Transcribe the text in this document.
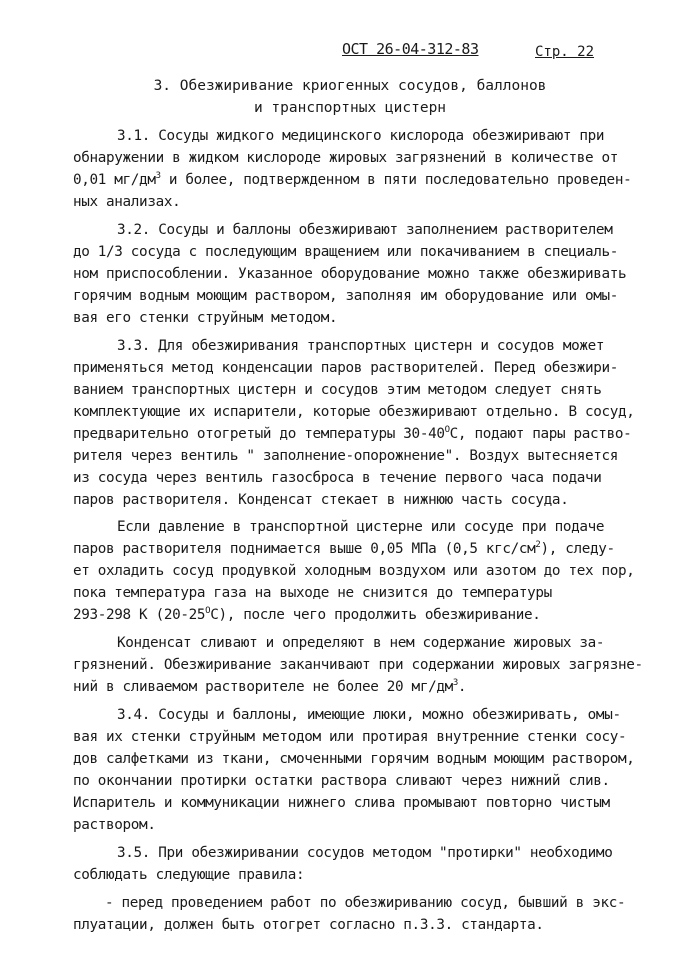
ОСТ 26-04-312-83	Стр. 22
3. Обезжиривание криогенных сосудов, баллонов
и транспортных цистерн
3.1. Сосуды жидкого медицинского кислорода обезжиривают при
обнаружении в жидком кислороде жировых загрязнений в количестве от
0,01 $мг/дм^3$ и более, подтвержденном в пяти последовательно проведен-
ных анализах.
3.2. Сосуды и баллоны обезжиривают заполнением растворителем
до 1/3 сосуда с последующим вращением или покачиванием в специаль-
ном приспособлении. Указанное оборудование можно также обезжиривать
горячим водным моющим раствором, заполняя им оборудование или омы-
вая его стенки струйным методом.
3.3. Для обезжиривания транспортных цистерн и сосудов может
применяться метод конденсации паров растворителей. Перед обезжири-
ванием транспортных цистерн и сосудов этим методом следует снять
комплектующие их испарители, которые обезжиривают отдельно. В сосуд,
предварительно отогретый до температуры $30-40^ОС$, подают пары раство-
рителя через вентиль " заполнение-опорожнение". Воздух вытесняется
из сосуда через вентиль газосброса в течение первого часа подачи
паров растворителя. Конденсат стекает в нижнюю часть сосуда.
Если давление в транспортной цистерне или сосуде при подаче
паров растворителя поднимается выше 0,05 МПа (0,5 кгс/$см^2$), следу-
ет охладить сосуд продувкой холодным воздухом или азотом до тех пор,
пока температура газа на выходе не снизится до температуры
293-298 К $(20-25^ОС)$, после чего продолжить обезжиривание.
Конденсат сливают и определяют в нем содержание жировых за-
грязнений. Обезжиривание заканчивают при содержании жировых загрязне-
ний в сливаемом растворителе не более 20 $мг/дм^3$.
3.4. Сосуды и баллоны, имеющие люки, можно обезжиривать, омы-
вая их стенки струйным методом или протирая внутренние стенки сосу-
дов салфетками из ткани, смоченными горячим водным моющим раствором,
по окончании протирки остатки раствора сливают через нижний слив.
Испаритель и коммуникации нижнего слива промывают повторно чистым
раствором.
3.5. При обезжиривании сосудов методом "протирки" необходимо
соблюдать следующие правила:
- перед проведением работ по обезжириванию сосуд, бывший в экс-
плуатации, должен быть отогрет согласно п.3.3. стандарта.
